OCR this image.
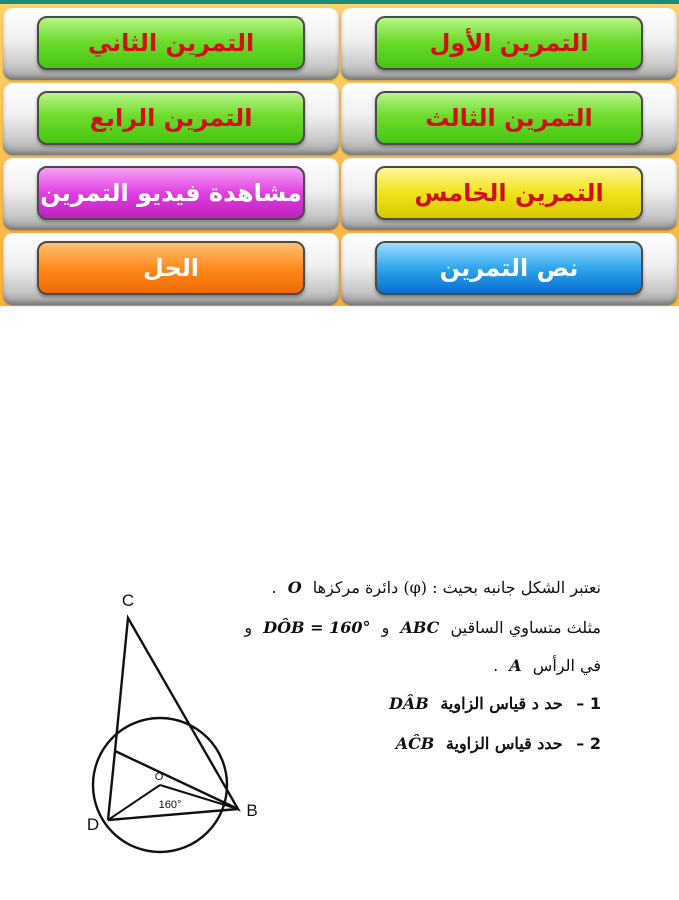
التمرين الأول
التمرين الثاني
التمرين الثالث
التمرين الرابع
التمرين الخامس
مشاهدة فيديو التمرين
نص التمرين
الحل
نعتبر الشكل جانبه بحيث : (φ) دائرة مركزها O .
مثلث متساوي الساقين ABC و DÔB = 160° و
في الرأس A .
1 – حد د قياس الزاوية DÂB
2 – حدد قياس الزاوية AĈB
C
D
B
O
160°
